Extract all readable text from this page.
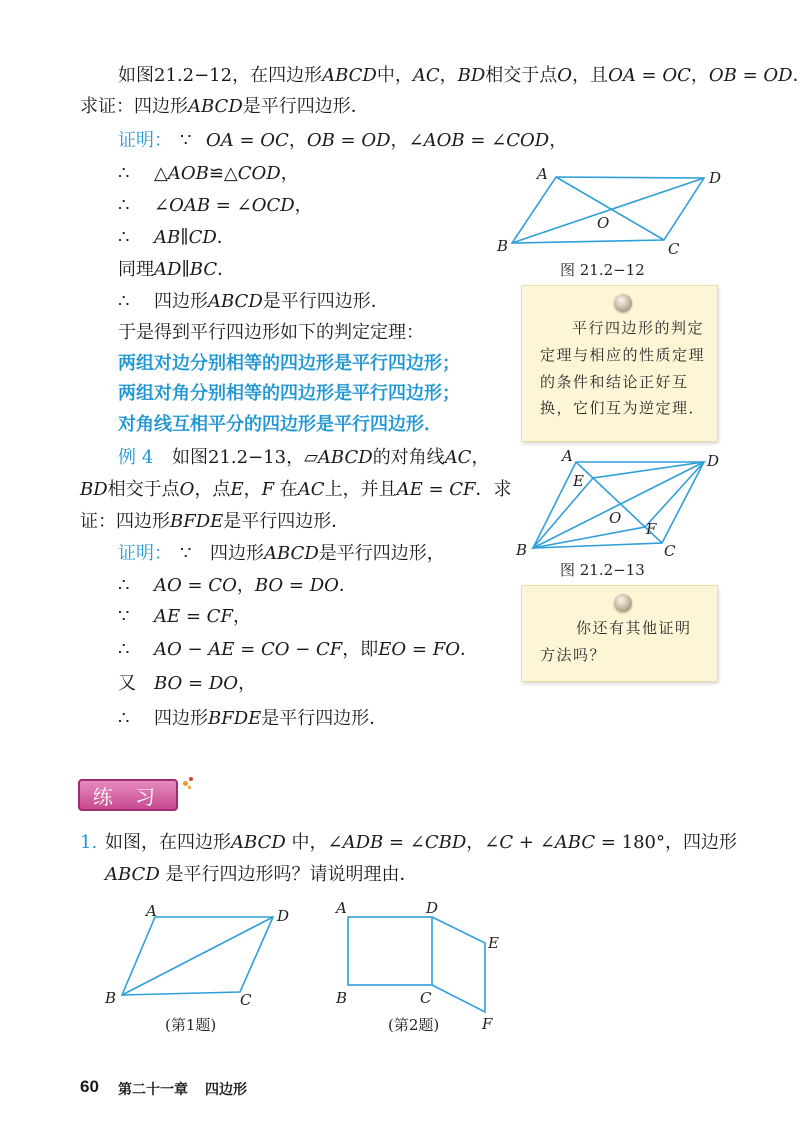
如图21.2−12，在四边形ABCD中，AC，BD相交于点O，且OA = OC，OB = OD．
求证：四边形ABCD是平行四边形．
证明： ∵ OA = OC，OB = OD，∠AOB = ∠COD，
∴ △AOB≌△COD，
∴ ∠OAB = ∠OCD，
∴ AB∥CD．
同理AD∥BC．
∴ 四边形ABCD是平行四边形．
于是得到平行四边形如下的判定定理：
两组对边分别相等的四边形是平行四边形；
两组对角分别相等的四边形是平行四边形；
对角线互相平分的四边形是平行四边形．
A	D
B	C
O
图 21.2−12
平行四边形的判定
定理与相应的性质定理
的条件和结论正好互
换，它们互为逆定理．
例 4 如图21.2−13，▱ABCD的对角线AC，
BD相交于点O，点E，F 在AC上，并且AE = CF．求
证：四边形BFDE是平行四边形．
证明： ∵ 四边形ABCD是平行四边形，
∴ AO = CO，BO = DO．
∵ AE = CF，
∴ AO − AE = CO − CF，即EO = FO．
又 BO = DO，
∴ 四边形BFDE是平行四边形．
A	D
E
O
F
B	C
图 21.2−13
你还有其他证明
方法吗？
练 习
1. 如图，在四边形ABCD 中，∠ADB = ∠CBD，∠C + ∠ABC = 180°，四边形
ABCD 是平行四边形吗？请说明理由．
A	D
B	C
A	D
E
B	C
F
(第1题)	(第2题)
60 第二十一章 四边形
